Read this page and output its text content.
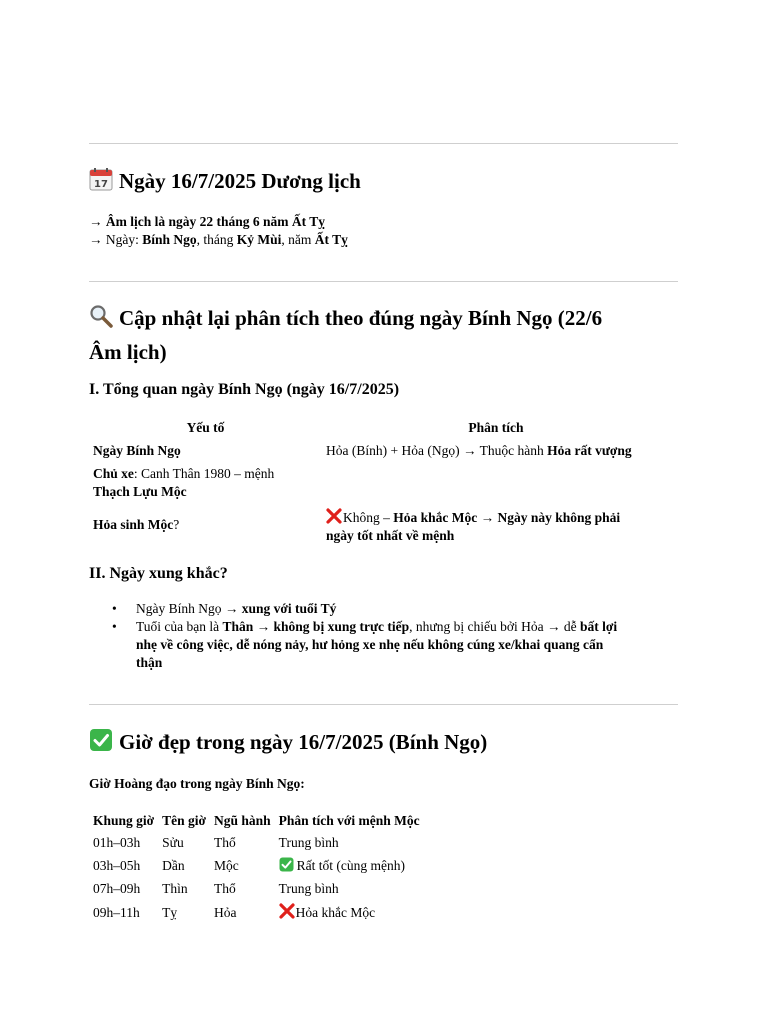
17 Ngày 16/7/2025 Dương lịch
→ Âm lịch là ngày 22 tháng 6 năm Ất Tỵ
→ Ngày: Bính Ngọ, tháng Kỷ Mùi, năm Ất Tỵ
Cập nhật lại phân tích theo đúng ngày Bính Ngọ (22/6
Âm lịch)
I. Tổng quan ngày Bính Ngọ (ngày 16/7/2025)
Yếu tố	Phân tích
Ngày Bính Ngọ	Hỏa (Bính) + Hỏa (Ngọ) → Thuộc hành Hỏa rất vượng
Chủ xe: Canh Thân 1980 – mệnh
Thạch Lựu Mộc	
Hỏa sinh Mộc?	Không – Hỏa khắc Mộc → Ngày này không phải
ngày tốt nhất về mệnh
II. Ngày xung khắc?
• Ngày Bính Ngọ → xung với tuổi Tý
• Tuổi của bạn là Thân → không bị xung trực tiếp, nhưng bị chiếu bởi Hỏa → dễ bất lợi
nhẹ về công việc, dễ nóng nảy, hư hỏng xe nhẹ nếu không cúng xe/khai quang cẩn
thận
Giờ đẹp trong ngày 16/7/2025 (Bính Ngọ)
Giờ Hoàng đạo trong ngày Bính Ngọ:
Khung giờ	Tên giờ	Ngũ hành	Phân tích với mệnh Mộc
01h–03h	Sửu	Thổ	Trung bình
03h–05h	Dần	Mộc	Rất tốt (cùng mệnh)
07h–09h	Thìn	Thổ	Trung bình
09h–11h	Tỵ	Hỏa	Hỏa khắc Mộc
